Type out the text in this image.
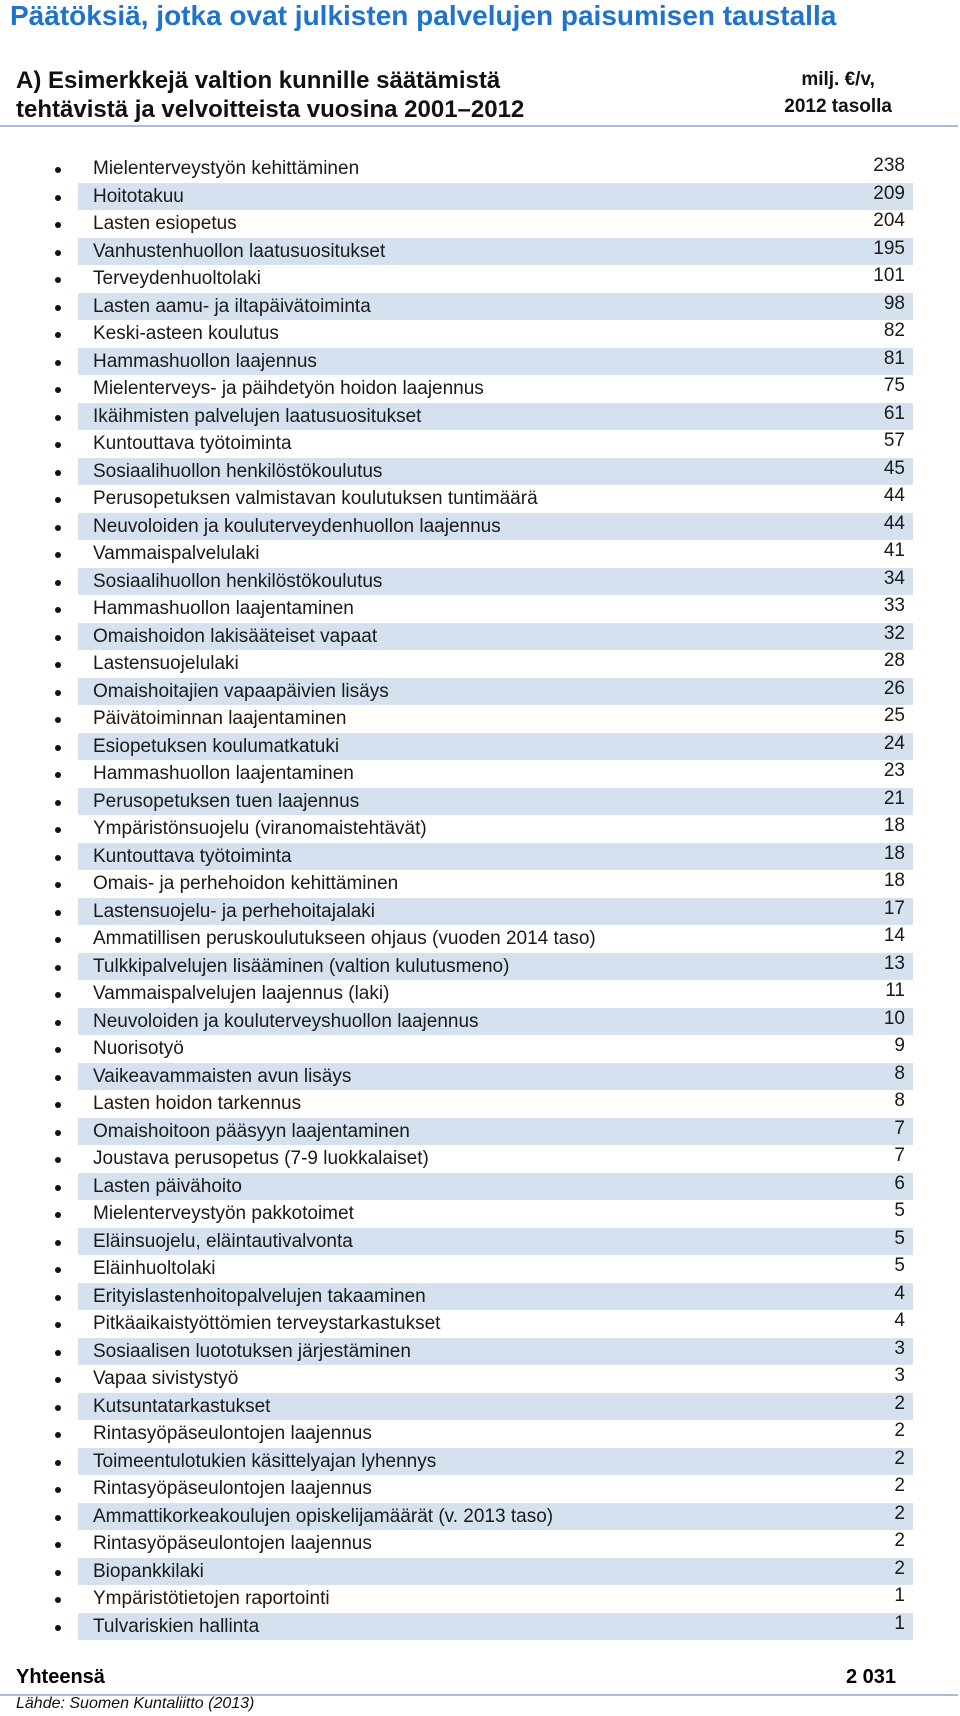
Päätöksiä, jotka ovat julkisten palvelujen paisumisen taustalla
A) Esimerkkejä valtion kunnille säätämistä
tehtävistä ja velvoitteista vuosina 2001–2012
milj. €/v,
2012 tasolla
Mielenterveystyön kehittäminen	238
Hoitotakuu	209
Lasten esiopetus	204
Vanhustenhuollon laatusuositukset	195
Terveydenhuoltolaki	101
Lasten aamu- ja iltapäivätoiminta	98
Keski-asteen koulutus	82
Hammashuollon laajennus	81
Mielenterveys- ja päihdetyön hoidon laajennus	75
Ikäihmisten palvelujen laatusuositukset	61
Kuntouttava työtoiminta	57
Sosiaalihuollon henkilöstökoulutus	45
Perusopetuksen valmistavan koulutuksen tuntimäärä	44
Neuvoloiden ja kouluterveydenhuollon laajennus	44
Vammaispalvelulaki	41
Sosiaalihuollon henkilöstökoulutus	34
Hammashuollon laajentaminen	33
Omaishoidon lakisääteiset vapaat	32
Lastensuojelulaki	28
Omaishoitajien vapaapäivien lisäys	26
Päivätoiminnan laajentaminen	25
Esiopetuksen koulumatkatuki	24
Hammashuollon laajentaminen	23
Perusopetuksen tuen laajennus	21
Ympäristönsuojelu (viranomaistehtävät)	18
Kuntouttava työtoiminta	18
Omais- ja perhehoidon kehittäminen	18
Lastensuojelu- ja perhehoitajalaki	17
Ammatillisen peruskoulutukseen ohjaus (vuoden 2014 taso)	14
Tulkkipalvelujen lisääminen (valtion kulutusmeno)	13
Vammaispalvelujen laajennus (laki)	11
Neuvoloiden ja kouluterveyshuollon laajennus	10
Nuorisotyö	9
Vaikeavammaisten avun lisäys	8
Lasten hoidon tarkennus	8
Omaishoitoon pääsyyn laajentaminen	7
Joustava perusopetus (7-9 luokkalaiset)	7
Lasten päivähoito	6
Mielenterveystyön pakkotoimet	5
Eläinsuojelu, eläintautivalvonta	5
Eläinhuoltolaki	5
Erityislastenhoitopalvelujen takaaminen	4
Pitkäaikaistyöttömien terveystarkastukset	4
Sosiaalisen luototuksen järjestäminen	3
Vapaa sivistystyö	3
Kutsuntatarkastukset	2
Rintasyöpäseulontojen laajennus	2
Toimeentulotukien käsittelyajan lyhennys	2
Rintasyöpäseulontojen laajennus	2
Ammattikorkeakoulujen opiskelijamäärät (v. 2013 taso)	2
Rintasyöpäseulontojen laajennus	2
Biopankkilaki	2
Ympäristötietojen raportointi	1
Tulvariskien hallinta	1
Yhteensä	2 031
Lähde: Suomen Kuntaliitto (2013)
